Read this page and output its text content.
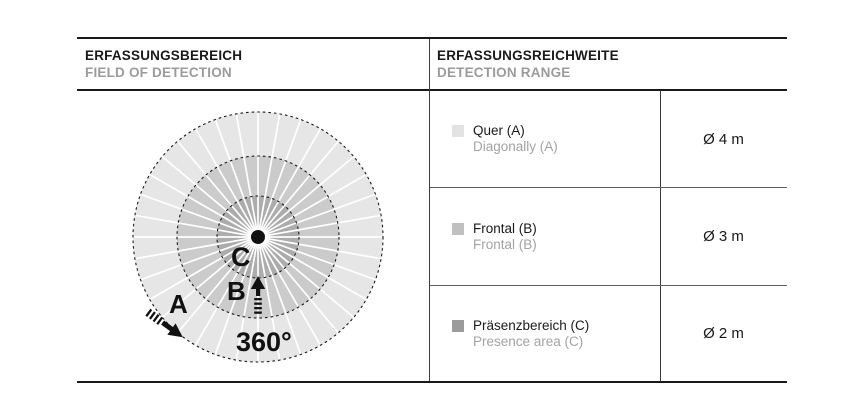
ERFASSUNGSBEREICH
FIELD OF DETECTION
ERFASSUNGSREICHWEITE
DETECTION RANGE
C
B
A
360°
Quer (A)
Diagonally (A)	Ø 4 m
Frontal (B)
Frontal (B)	Ø 3 m
Präsenzbereich (C)
Presence area (C)	Ø 2 m
